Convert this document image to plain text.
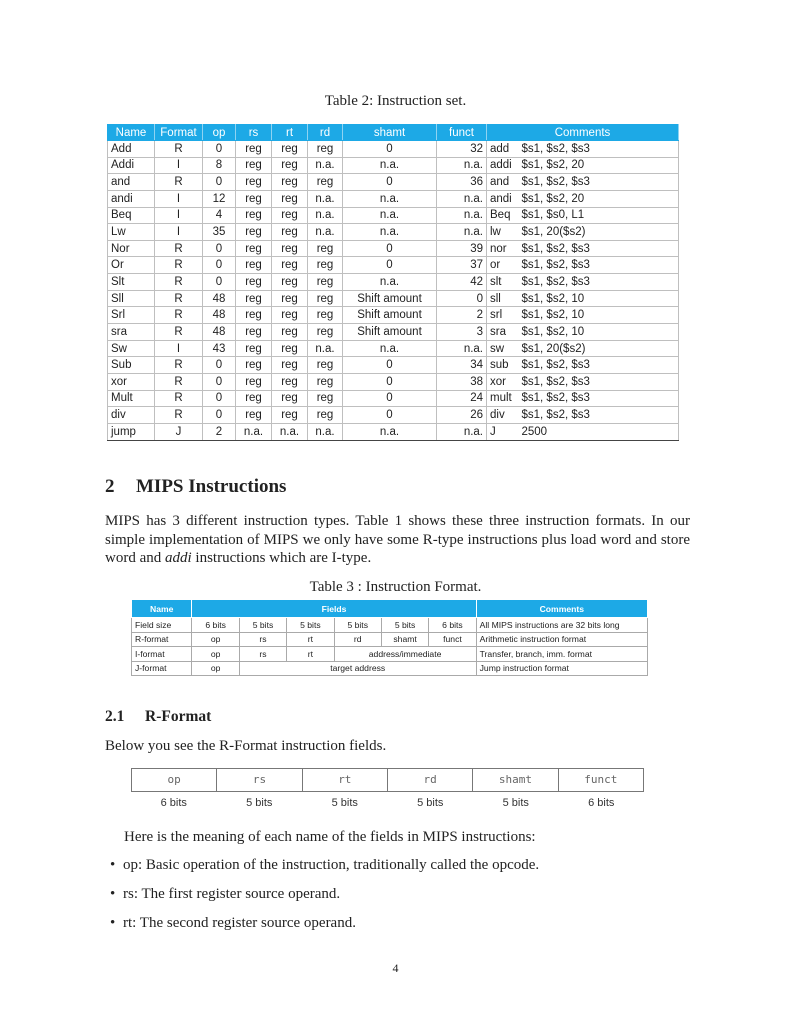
Table 2: Instruction set.
Name	Format	op	rs	rt	rd	shamt	funct	Comments	
Add	R	0	reg	reg	reg	0	32	add	$s1, $s2, $s3
Addi	I	8	reg	reg	n.a.	n.a.	n.a.	addi	$s1, $s2, 20
and	R	0	reg	reg	reg	0	36	and	$s1, $s2, $s3
andi	I	12	reg	reg	n.a.	n.a.	n.a.	andi	$s1, $s2, 20
Beq	I	4	reg	reg	n.a.	n.a.	n.a.	Beq	$s1, $s0, L1
Lw	I	35	reg	reg	n.a.	n.a.	n.a.	lw	$s1, 20($s2)
Nor	R	0	reg	reg	reg	0	39	nor	$s1, $s2, $s3
Or	R	0	reg	reg	reg	0	37	or	$s1, $s2, $s3
Slt	R	0	reg	reg	reg	n.a.	42	slt	$s1, $s2, $s3
Sll	R	48	reg	reg	reg	Shift amount	0	sll	$s1, $s2, 10
Srl	R	48	reg	reg	reg	Shift amount	2	srl	$s1, $s2, 10
sra	R	48	reg	reg	reg	Shift amount	3	sra	$s1, $s2, 10
Sw	I	43	reg	reg	n.a.	n.a.	n.a.	sw	$s1, 20($s2)
Sub	R	0	reg	reg	reg	0	34	sub	$s1, $s2, $s3
xor	R	0	reg	reg	reg	0	38	xor	$s1, $s2, $s3
Mult	R	0	reg	reg	reg	0	24	mult	$s1, $s2, $s3
div	R	0	reg	reg	reg	0	26	div	$s1, $s2, $s3
jump	J	2	n.a.	n.a.	n.a.	n.a.	n.a.	J	2500
2 MIPS Instructions

MIPS has 3 different instruction types. Table 1 shows these three instruction formats. In our simple implementation of MIPS we only have some R-type instructions plus load word and store word and addi instructions which are I-type.

Table 3 : Instruction Format.
Name	Fields						Comments
Field size	6 bits	5 bits	5 bits	5 bits	5 bits	6 bits	All MIPS instructions are 32 bits long
R-format	op	rs	rt	rd	shamt	funct	Arithmetic instruction format
I-format	op	rs	rt	address/immediate			Transfer, branch, imm. format
J-format	op	target address					Jump instruction format
2.1 R-Format

Below you see the R-Format instruction fields.

op	rs	rt	rd	shamt	funct
6 bits	5 bits	5 bits	5 bits	5 bits	6 bits

Here is the meaning of each name of the fields in MIPS instructions:

• op: Basic operation of the instruction, traditionally called the opcode.
• rs: The first register source operand.
• rt: The second register source operand.
4
